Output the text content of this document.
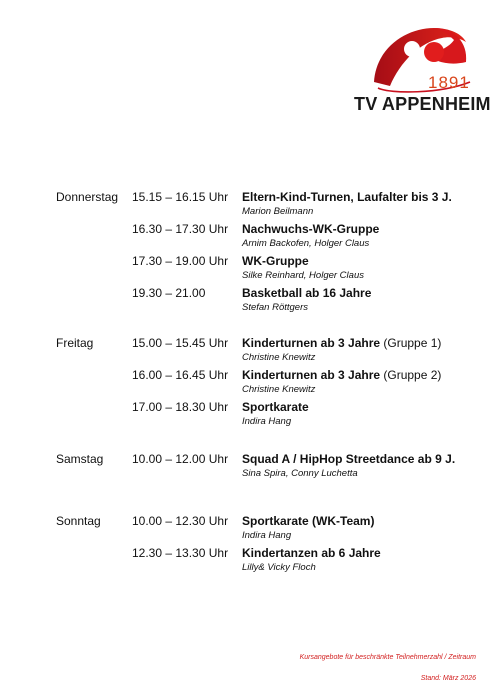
1891
TV APPENHEIM
Donnerstag 15.15 – 16.15 Uhr Eltern-Kind-Turnen, Laufalter bis 3 J.
Marion Beilmann
16.30 – 17.30 Uhr Nachwuchs-WK-Gruppe
Arnim Backofen, Holger Claus
17.30 – 19.00 Uhr WK-Gruppe
Silke Reinhard, Holger Claus
19.30 – 21.00	Basketball ab 16 Jahre
Stefan Röttgers
Freitag	15.00 – 15.45 Uhr Kinderturnen ab 3 Jahre (Gruppe 1)
Christine Knewitz
16.00 – 16.45 Uhr Kinderturnen ab 3 Jahre (Gruppe 2)
Christine Knewitz
17.00 – 18.30 Uhr Sportkarate
Indira Hang
Samstag 10.00 – 12.00 Uhr Squad A / HipHop Streetdance ab 9 J.
Sina Spira, Conny Luchetta
Sonntag	10.00 – 12.30 Uhr Sportkarate (WK-Team)
Indira Hang
12.30 – 13.30 Uhr Kindertanzen ab 6 Jahre
Lilly& Vicky Floch
Kursangebote für beschränkte Teilnehmerzahl / Zeitraum
Stand: März 2026
